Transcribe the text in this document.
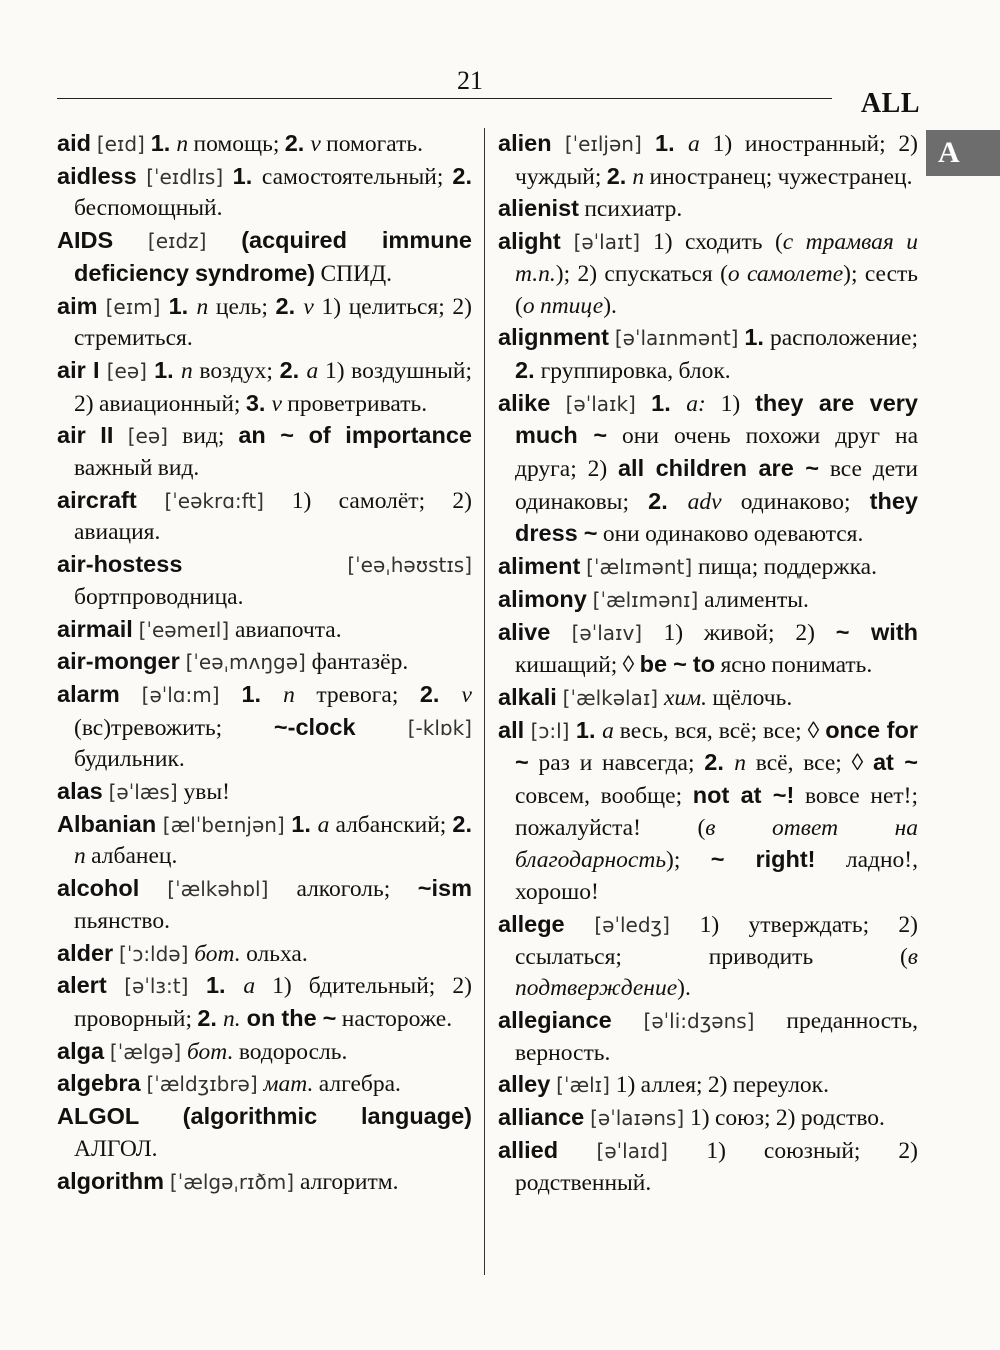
21
ALL
A

aid [eɪd] 1. n помощь; 2. v помогать.

aidless [ˈeɪdlɪs] 1. самостоятельный; 2. беспомощный.

AIDS [eɪdz] (acquired immune deficiency syndrome) СПИД.

aim [eɪm] 1. n цель; 2. v 1) целиться; 2) стремиться.

air I [eə] 1. n воздух; 2. a 1) воздушный; 2) авиационный; 3. v проветривать.

air II [eə] вид; an ~ of importance важный вид.

aircraft [ˈeəkrɑ:ft] 1) самолёт; 2) авиация.

air-hostess [ˈeəˌhəʊstɪs] бортпроводница.

airmail [ˈeəmeɪl] авиапочта.

air-monger [ˈeəˌmʌŋgə] фантазёр.

alarm [əˈlɑ:m] 1. n тревога; 2. v (вс)тревожить; ~-clock [-klɒk] будильник.

alas [əˈlæs] увы!

Albanian [ælˈbeɪnjən] 1. a албанский; 2. n албанец.

alcohol [ˈælkəhɒl] алкоголь; ~ism пьянство.

alder [ˈɔ:ldə] бот. ольха.

alert [əˈlɜ:t] 1. a 1) бдительный; 2) проворный; 2. n. on the ~ настороже.

alga [ˈælgə] бот. водоросль.

algebra [ˈældʒɪbrə] мат. алгебра.

ALGOL (algorithmic language) АЛГОЛ.

algorithm [ˈælgəˌrɪðm] алгоритм.

alien [ˈeɪljən] 1. a 1) иностранный; 2) чуждый; 2. n иностранец; чужестранец.

alienist психиатр.

alight [əˈlaɪt] 1) сходить (с трамвая и т.п.); 2) спускаться (о самолете); сесть (о птице).

alignment [əˈlaɪnmənt] 1. расположение; 2. группировка, блок.

alike [əˈlaɪk] 1. a: 1) they are very much ~ они очень похожи друг на друга; 2) all children are ~ все дети одинаковы; 2. adv одинаково; they dress ~ они одинаково одеваются.

aliment [ˈælɪmənt] пища; поддержка.

alimony [ˈælɪmənɪ] алименты.

alive [əˈlaɪv] 1) живой; 2) ~ with кишащий; ◊ be ~ to ясно понимать.

alkali [ˈælkəlaɪ] хим. щёлочь.

all [ɔ:l] 1. a весь, вся, всё; все; ◊ once for ~ раз и навсегда; 2. n всё, все; ◊ at ~ совсем, вообще; not at ~! вовсе нет!; пожалуйста! (в ответ на благодарность); ~ right! ладно!, хорошо!

allege [əˈledʒ] 1) утверждать; 2) ссылаться; приводить (в подтверждение).

allegiance [əˈli:dʒəns] преданность, верность.

alley [ˈælɪ] 1) аллея; 2) переулок.

alliance [əˈlaɪəns] 1) союз; 2) родство.

allied [əˈlaɪd] 1) союзный; 2) родственный.
